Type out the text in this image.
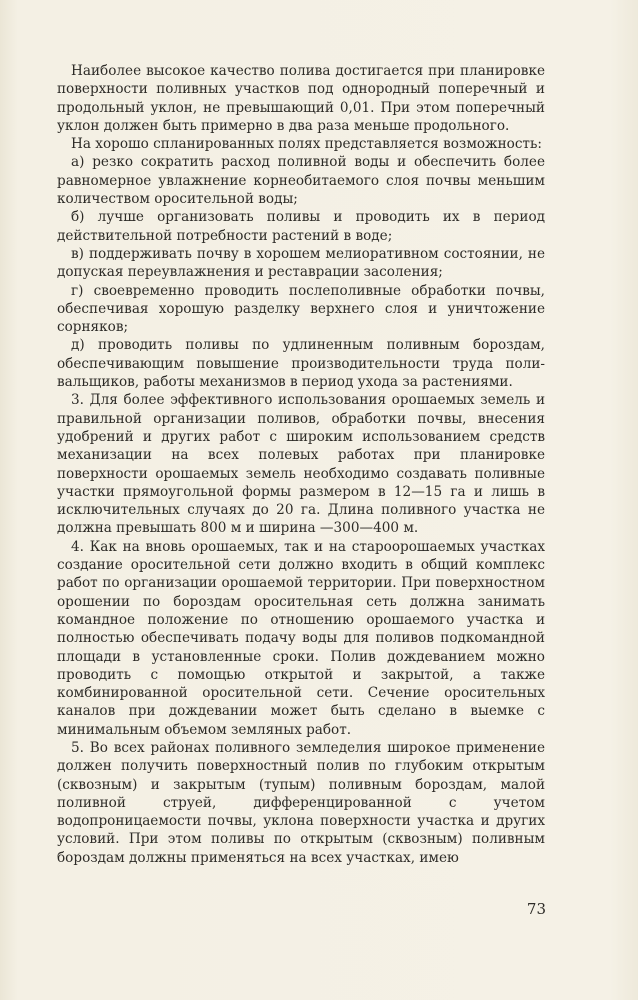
Наиболее высокое качество полива достигается при планировке поверхности поливных участков под однородный поперечный и продольный уклон, не превышающий 0,01. При этом поперечный уклон должен быть примерно в два раза меньше продольного.

На хорошо спланированных полях представляется возможность:

а) резко сократить расход поливной воды и обеспечить более равномерное увлажнение корнеобитаемого слоя почвы меньшим количеством оросительной воды;

б) лучше организовать поливы и проводить их в период действительной потребности растений в воде;

в) поддерживать почву в хорошем мелиоративном состоянии, не допуская переувлажнения и реставрации засоления;

г) своевременно проводить послеполивные обработки почвы, обеспечивая хорошую разделку верхнего слоя и уничтожение сорняков;

д) проводить поливы по удлиненным поливным бороздам, обеспечивающим повышение производительности труда поливальщиков, работы механизмов в период ухода за растениями.

3. Для более эффективного использования орошаемых земель и правильной организации поливов, обработки почвы, внесения удобрений и других работ с широким использованием средств механизации на всех полевых работах при планировке поверхности орошаемых земель необходимо создавать поливные участки прямоугольной формы размером в 12—15 га и лишь в исключительных случаях до 20 га. Длина поливного участка не должна превышать 800 м и ширина —300—400 м.

4. Как на вновь орошаемых, так и на староорошаемых участках создание оросительной сети должно входить в общий комплекс работ по организации орошаемой территории. При поверхностном орошении по бороздам оросительная сеть должна занимать командное положение по отношению орошаемого участка и полностью обеспечивать подачу воды для поливов подкомандной площади в установленные сроки. Полив дождеванием можно проводить с помощью открытой и закрытой, а также комбинированной оросительной сети. Сечение оросительных каналов при дождевании может быть сделано в выемке с минимальным объемом земляных работ.

5. Во всех районах поливного земледелия широкое применение должен получить поверхностный полив по глубоким открытым (сквозным) и закрытым (тупым) поливным бороздам, малой поливной струей, дифференцированной с учетом водопроницаемости почвы, уклона поверхности участка и других условий. При этом поливы по открытым (сквозным) поливным бороздам должны применяться на всех участках, имею

73
